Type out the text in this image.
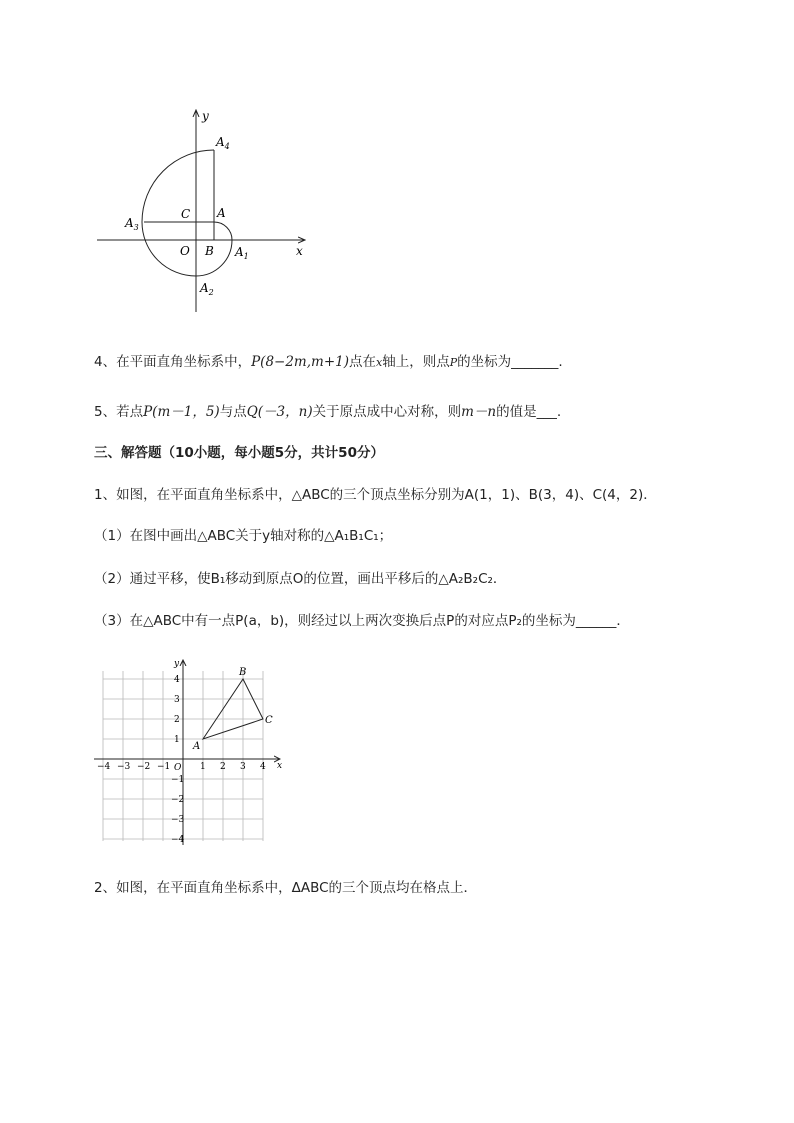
y
x
$A_4$
$A_3$
C A
O B $A_1$
$A_2$
4、在平面直角坐标系中，P(8−2m,m+1)点在x轴上，则点P的坐标为_______.
5、若点P(m－1，5)与点Q(－3，n)关于原点成中心对称，则m－n的值是___.
三、解答题（10小题，每小题5分，共计50分）
1、如图，在平面直角坐标系中，△ABC的三个顶点坐标分别为A(1，1)、B(3，4)、C(4，2)．
（1）在图中画出△ABC关于y轴对称的△A₁B₁C₁；
（2）通过平移，使B₁移动到原点O的位置，画出平移后的△A₂B₂C₂．
（3）在△ABC中有一点P(a，b)，则经过以上两次变换后点P的对应点P₂的坐标为______．
−4 −3 −2 −1	1 2 3 4
4
3
2
1
−1
−2
−3
−4
O	x
y
A
B
C
2、如图，在平面直角坐标系中，ΔABC的三个顶点均在格点上．
